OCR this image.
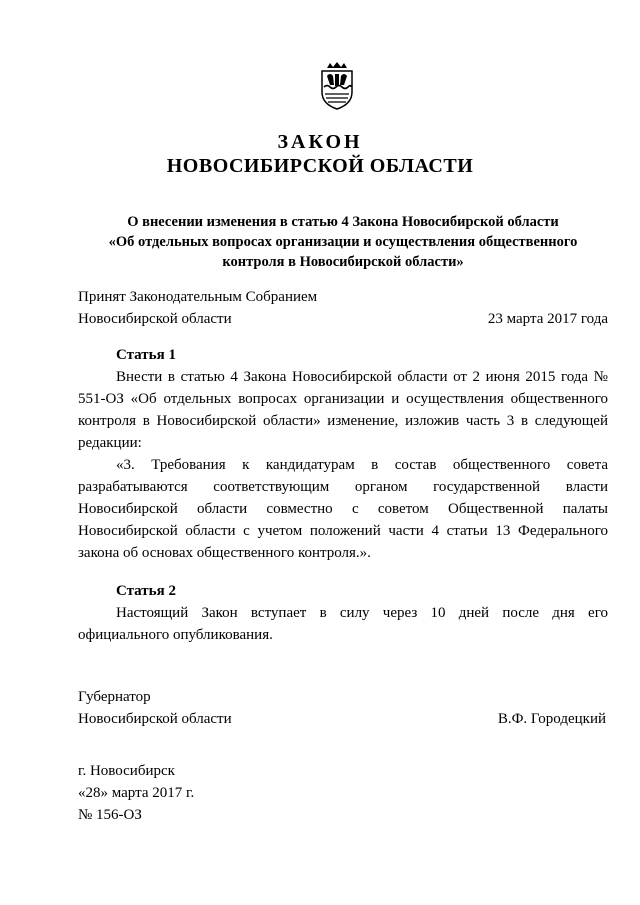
ЗАКОН
НОВОСИБИРСКОЙ ОБЛАСТИ
О внесении изменения в статью 4 Закона Новосибирской области
«Об отдельных вопросах организации и осуществления общественного
контроля в Новосибирской области»
Принят Законодательным Собранием
Новосибирской области	23 марта 2017 года
Статья 1

Внести в статью 4 Закона Новосибирской области от 2 июня 2015 года № 551-ОЗ «Об отдельных вопросах организации и осуществления общественного контроля в Новосибирской области» изменение, изложив часть 3 в следующей редакции:

«3. Требования к кандидатурам в состав общественного совета разрабатываются соответствующим органом государственной власти Новосибирской области совместно с советом Общественной палаты Новосибирской области с учетом положений части 4 статьи 13 Федерального закона об основах общественного контроля.».

Статья 2

Настоящий Закон вступает в силу через 10 дней после дня его официального опубликования.

Губернатор
Новосибирской области	В.Ф. Городецкий
г. Новосибирск
«28» марта 2017 г.
№ 156-ОЗ
